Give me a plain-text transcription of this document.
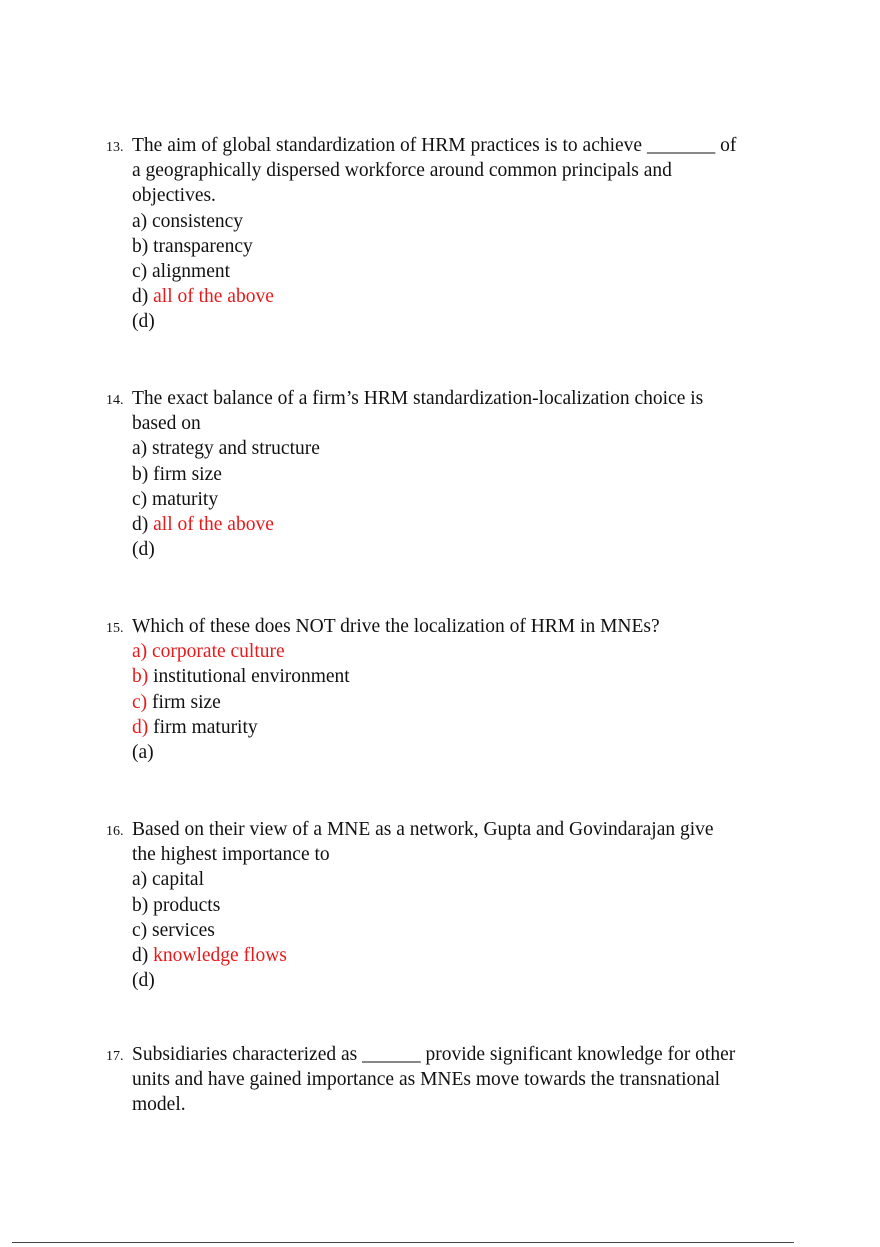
13. The aim of global standardization of HRM practices is to achieve _______ of
a geographically dispersed workforce around common principals and
objectives.
a) consistency
b) transparency
c) alignment
d) all of the above
(d)
14. The exact balance of a firm’s HRM standardization-localization choice is
based on
a) strategy and structure
b) firm size
c) maturity
d) all of the above
(d)
15. Which of these does NOT drive the localization of HRM in MNEs?
a) corporate culture
b) institutional environment
c) firm size
d) firm maturity
(a)
16. Based on their view of a MNE as a network, Gupta and Govindarajan give
the highest importance to
a) capital
b) products
c) services
d) knowledge flows
(d)
17. Subsidiaries characterized as ______ provide significant knowledge for other
units and have gained importance as MNEs move towards the transnational
model.
